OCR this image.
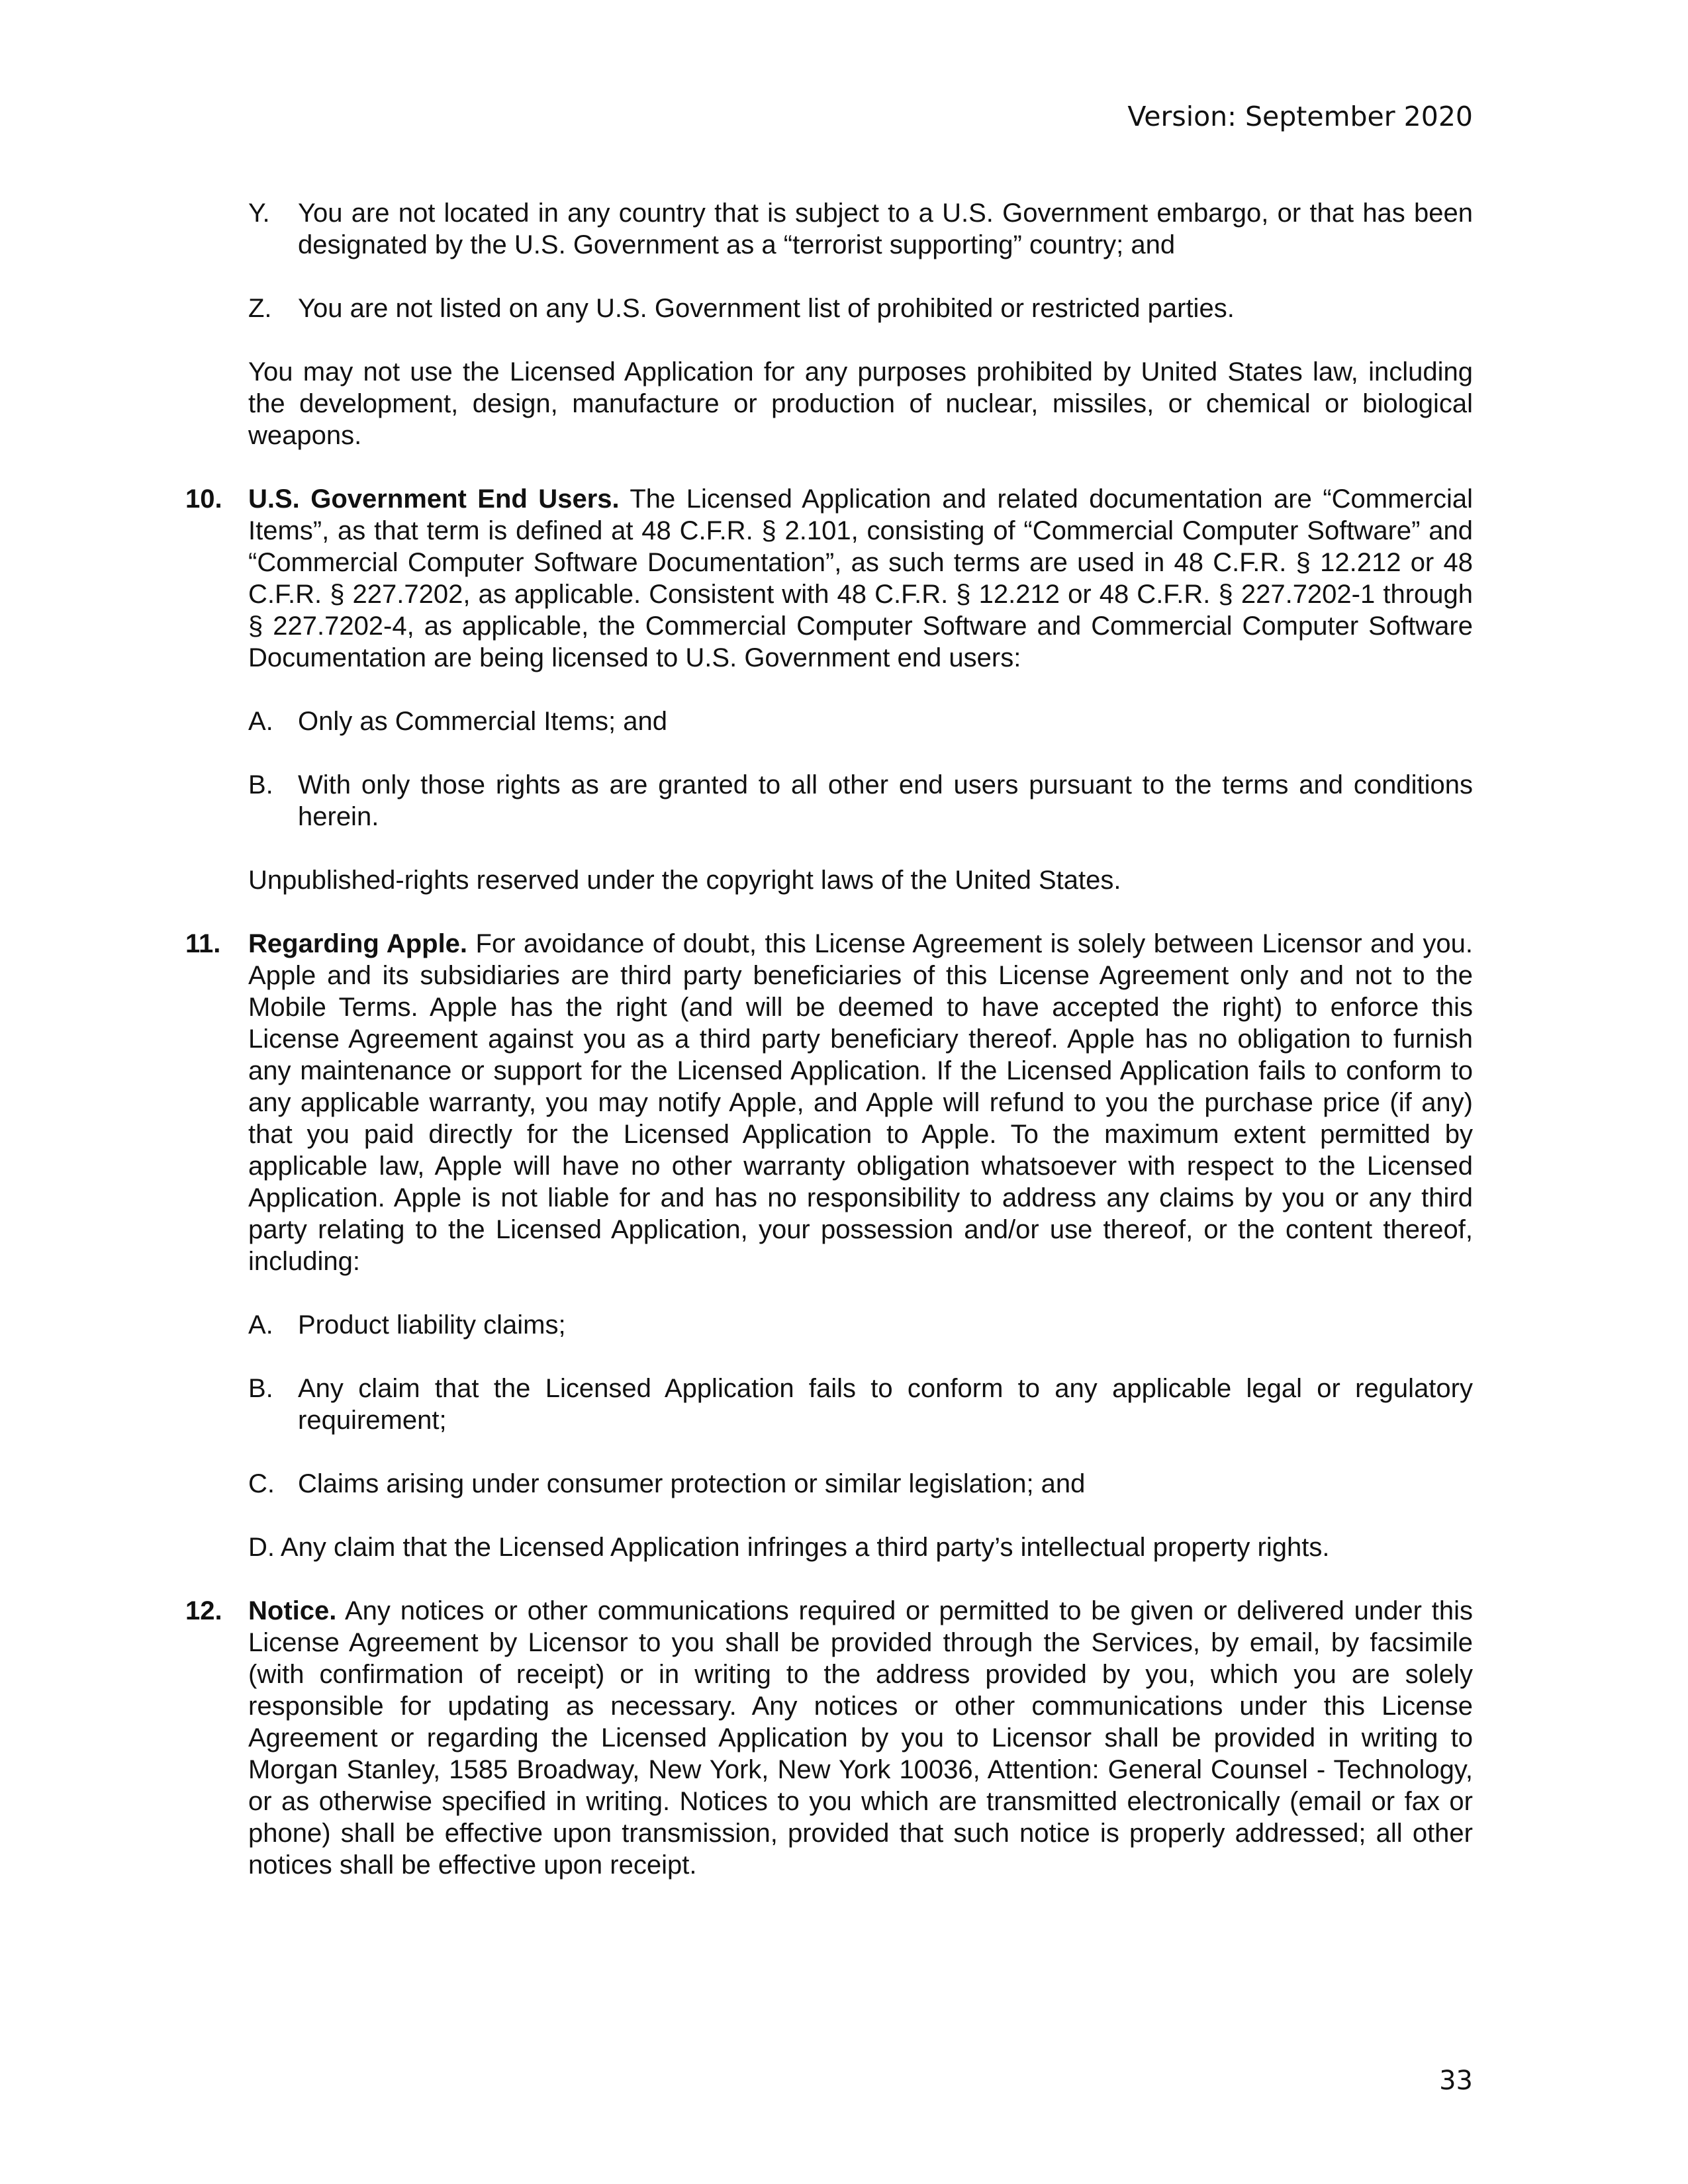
Version: September 2020
Y. You are not located in any country that is subject to a U.S. Government embargo, or that has been designated by the U.S. Government as a “terrorist supporting” country; and

Z. You are not listed on any U.S. Government list of prohibited or restricted parties.

You may not use the Licensed Application for any purposes prohibited by United States law, including the development, design, manufacture or production of nuclear, missiles, or chemical or biological weapons.

10. U.S. Government End Users. The Licensed Application and related documentation are “Commercial Items”, as that term is defined at 48 C.F.R. § 2.101, consisting of “Commercial Computer Software” and “Commercial Computer Software Documentation”, as such terms are used in 48 C.F.R. § 12.212 or 48 C.F.R. § 227.7202, as applicable. Consistent with 48 C.F.R. § 12.212 or 48 C.F.R. § 227.7202-1 through § 227.7202-4, as applicable, the Commercial Computer Software and Commercial Computer Software Documentation are being licensed to U.S. Government end users:

A. Only as Commercial Items; and

B. With only those rights as are granted to all other end users pursuant to the terms and conditions herein.

Unpublished-rights reserved under the copyright laws of the United States.

11. Regarding Apple. For avoidance of doubt, this License Agreement is solely between Licensor and you. Apple and its subsidiaries are third party beneficiaries of this License Agreement only and not to the Mobile Terms. Apple has the right (and will be deemed to have accepted the right) to enforce this License Agreement against you as a third party beneficiary thereof. Apple has no obligation to furnish any maintenance or support for the Licensed Application. If the Licensed Application fails to conform to any applicable warranty, you may notify Apple, and Apple will refund to you the purchase price (if any) that you paid directly for the Licensed Application to Apple. To the maximum extent permitted by applicable law, Apple will have no other warranty obligation whatsoever with respect to the Licensed Application. Apple is not liable for and has no responsibility to address any claims by you or any third party relating to the Licensed Application, your possession and/or use thereof, or the content thereof, including:

A. Product liability claims;

B. Any claim that the Licensed Application fails to conform to any applicable legal or regulatory requirement;

C. Claims arising under consumer protection or similar legislation; and

D. Any claim that the Licensed Application infringes a third party’s intellectual property rights.

12. Notice. Any notices or other communications required or permitted to be given or delivered under this License Agreement by Licensor to you shall be provided through the Services, by email, by facsimile (with confirmation of receipt) or in writing to the address provided by you, which you are solely responsible for updating as necessary. Any notices or other communications under this License Agreement or regarding the Licensed Application by you to Licensor shall be provided in writing to Morgan Stanley, 1585 Broadway, New York, New York 10036, Attention: General Counsel - Technology, or as otherwise specified in writing. Notices to you which are transmitted electronically (email or fax or phone) shall be effective upon transmission, provided that such notice is properly addressed; all other notices shall be effective upon receipt.

33
